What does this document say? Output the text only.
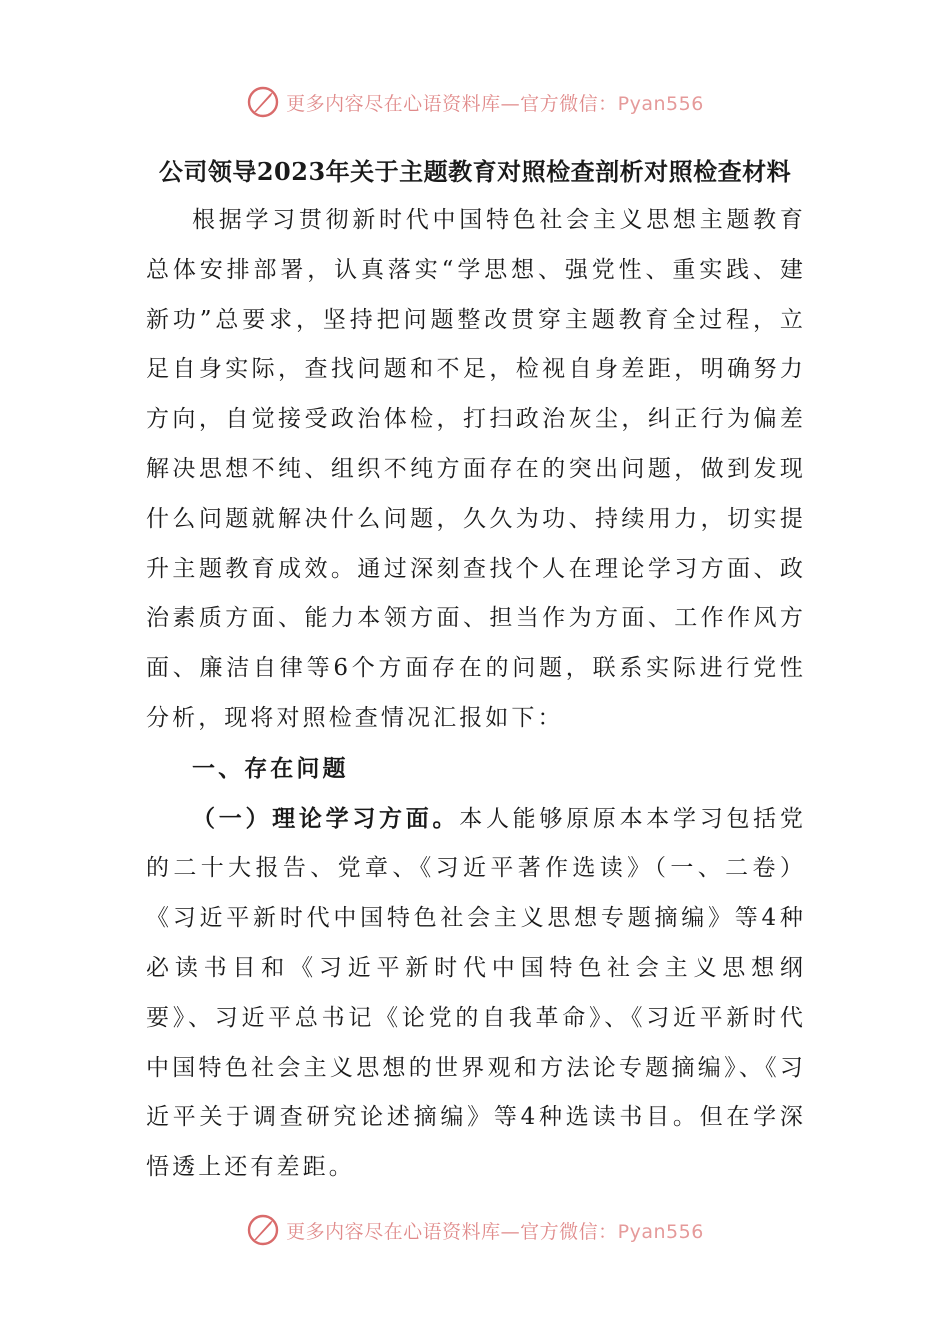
更多内容尽在心语资料库—官方微信：Pyan556
公司领导2023年关于主题教育对照检查剖析对照检查材料

根据学习贯彻新时代中国特色社会主义思想主题教育总体安排部署，认真落实“学思想、强党性、重实践、建新功”总要求，坚持把问题整改贯穿主题教育全过程，立足自身实际，查找问题和不足，检视自身差距，明确努力方向，自觉接受政治体检，打扫政治灰尘，纠正行为偏差解决思想不纯、组织不纯方面存在的突出问题，做到发现什么问题就解决什么问题，久久为功、持续用力，切实提升主题教育成效。通过深刻查找个人在理论学习方面、政治素质方面、能力本领方面、担当作为方面、工作作风方面、廉洁自律等6个方面存在的问题，联系实际进行党性分析，现将对照检查情况汇报如下：

一、存在问题

（一）理论学习方面。本人能够原原本本学习包括党的二十大报告、党章、《习近平著作选读》（一、二卷）《习近平新时代中国特色社会主义思想专题摘编》等4种必读书目和《习近平新时代中国特色社会主义思想纲要》、习近平总书记《论党的自我革命》、《习近平新时代中国特色社会主义思想的世界观和方法论专题摘编》、《习近平关于调查研究论述摘编》等4种选读书目。但在学深悟透上还有差距。

更多内容尽在心语资料库—官方微信：Pyan556
